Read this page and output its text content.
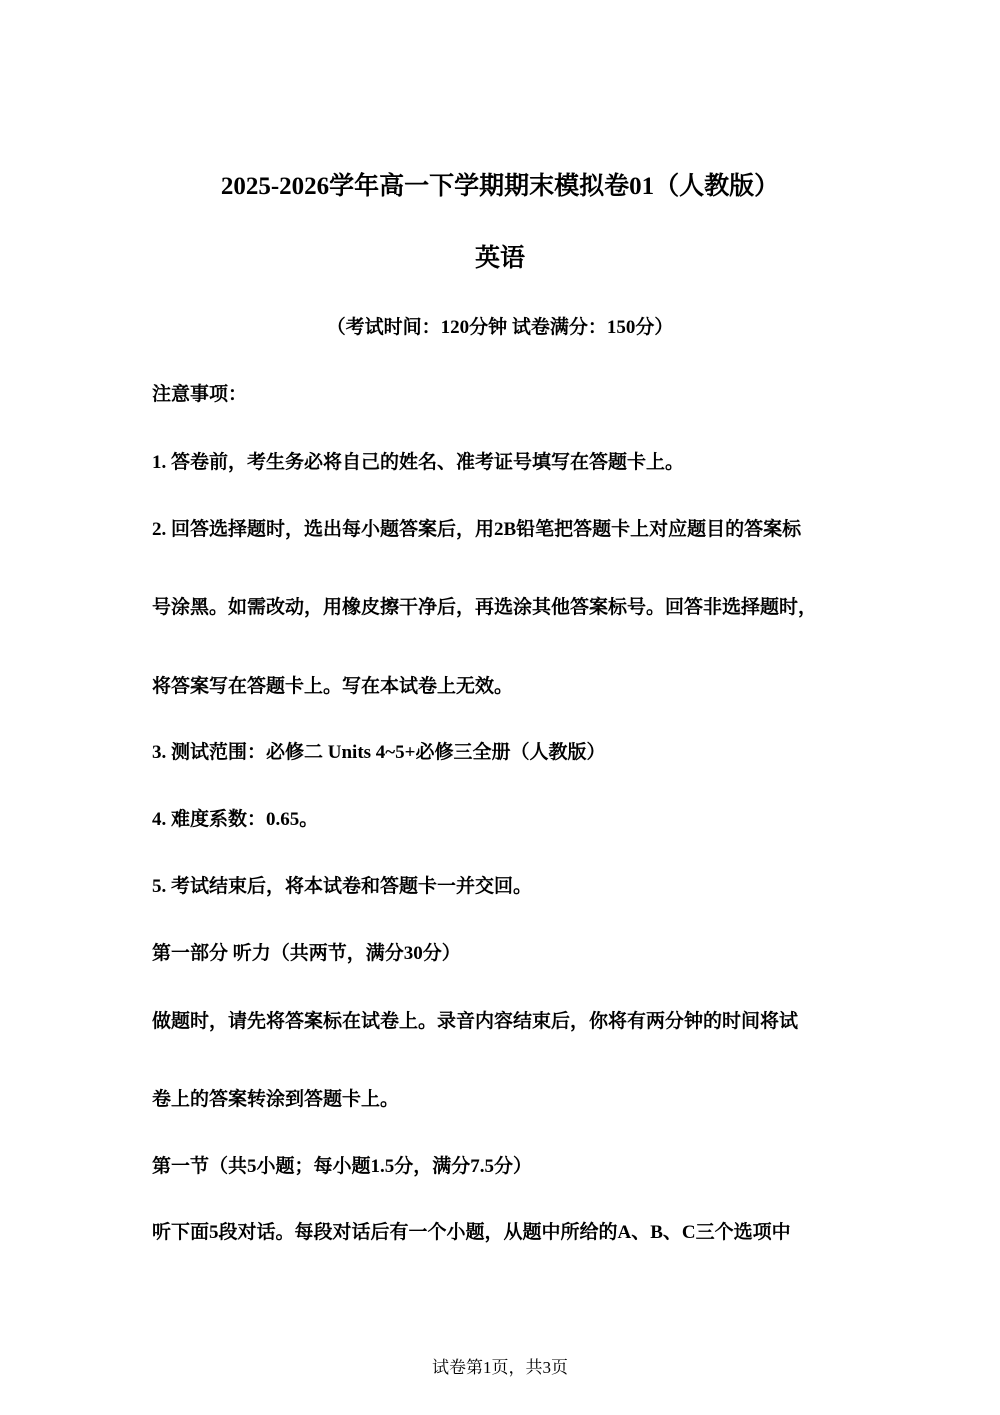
2025-2026学年高一下学期期末模拟卷01（人教版）
英语
（考试时间：120分钟 试卷满分：150分）
注意事项：
1. 答卷前，考生务必将自己的姓名、准考证号填写在答题卡上。
2. 回答选择题时，选出每小题答案后，用2B铅笔把答题卡上对应题目的答案标
号涂黑。如需改动，用橡皮擦干净后，再选涂其他答案标号。回答非选择题时，
将答案写在答题卡上。写在本试卷上无效。
3. 测试范围：必修二 Units 4~5+必修三全册（人教版）
4. 难度系数：0.65。
5. 考试结束后，将本试卷和答题卡一并交回。
第一部分 听力（共两节，满分30分）
做题时，请先将答案标在试卷上。录音内容结束后，你将有两分钟的时间将试
卷上的答案转涂到答题卡上。
第一节（共5小题；每小题1.5分，满分7.5分）
听下面5段对话。每段对话后有一个小题，从题中所给的A、B、C三个选项中
试卷第1页，共3页
